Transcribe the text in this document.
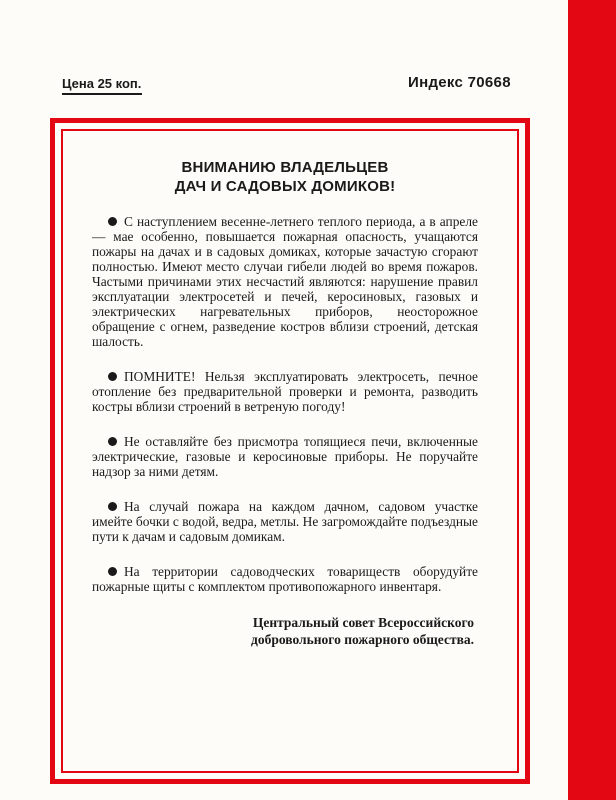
Цена 25 коп.	Индекс 70668
ВНИМАНИЮ ВЛАДЕЛЬЦЕВ
ДАЧ И САДОВЫХ ДОМИКОВ!

С наступлением весенне-летнего теплого периода, а в апреле — мае особенно, повышается пожарная опасность, учащаются пожары на дачах и в садовых домиках, которые зачастую сгорают полностью. Имеют место случаи гибели людей во время пожаров. Частыми причинами этих несчастий являются: нарушение правил эксплуатации электросетей и печей, керосиновых, газовых и электрических нагревательных приборов, неосторожное обращение с огнем, разведение костров вблизи строений, детская шалость.

ПОМНИТЕ! Нельзя эксплуатировать электросеть, печное отопление без предварительной проверки и ремонта, разводить костры вблизи строений в ветреную погоду!

Не оставляйте без присмотра топящиеся печи, включенные электрические, газовые и керосиновые приборы. Не поручайте надзор за ними детям.

На случай пожара на каждом дачном, садовом участке имейте бочки с водой, ведра, метлы. Не загромождайте подъездные пути к дачам и садовым домикам.

На территории садоводческих товариществ оборудуйте пожарные щиты с комплектом противопожарного инвентаря.

Центральный совет Всероссийского
добровольного пожарного общества.
